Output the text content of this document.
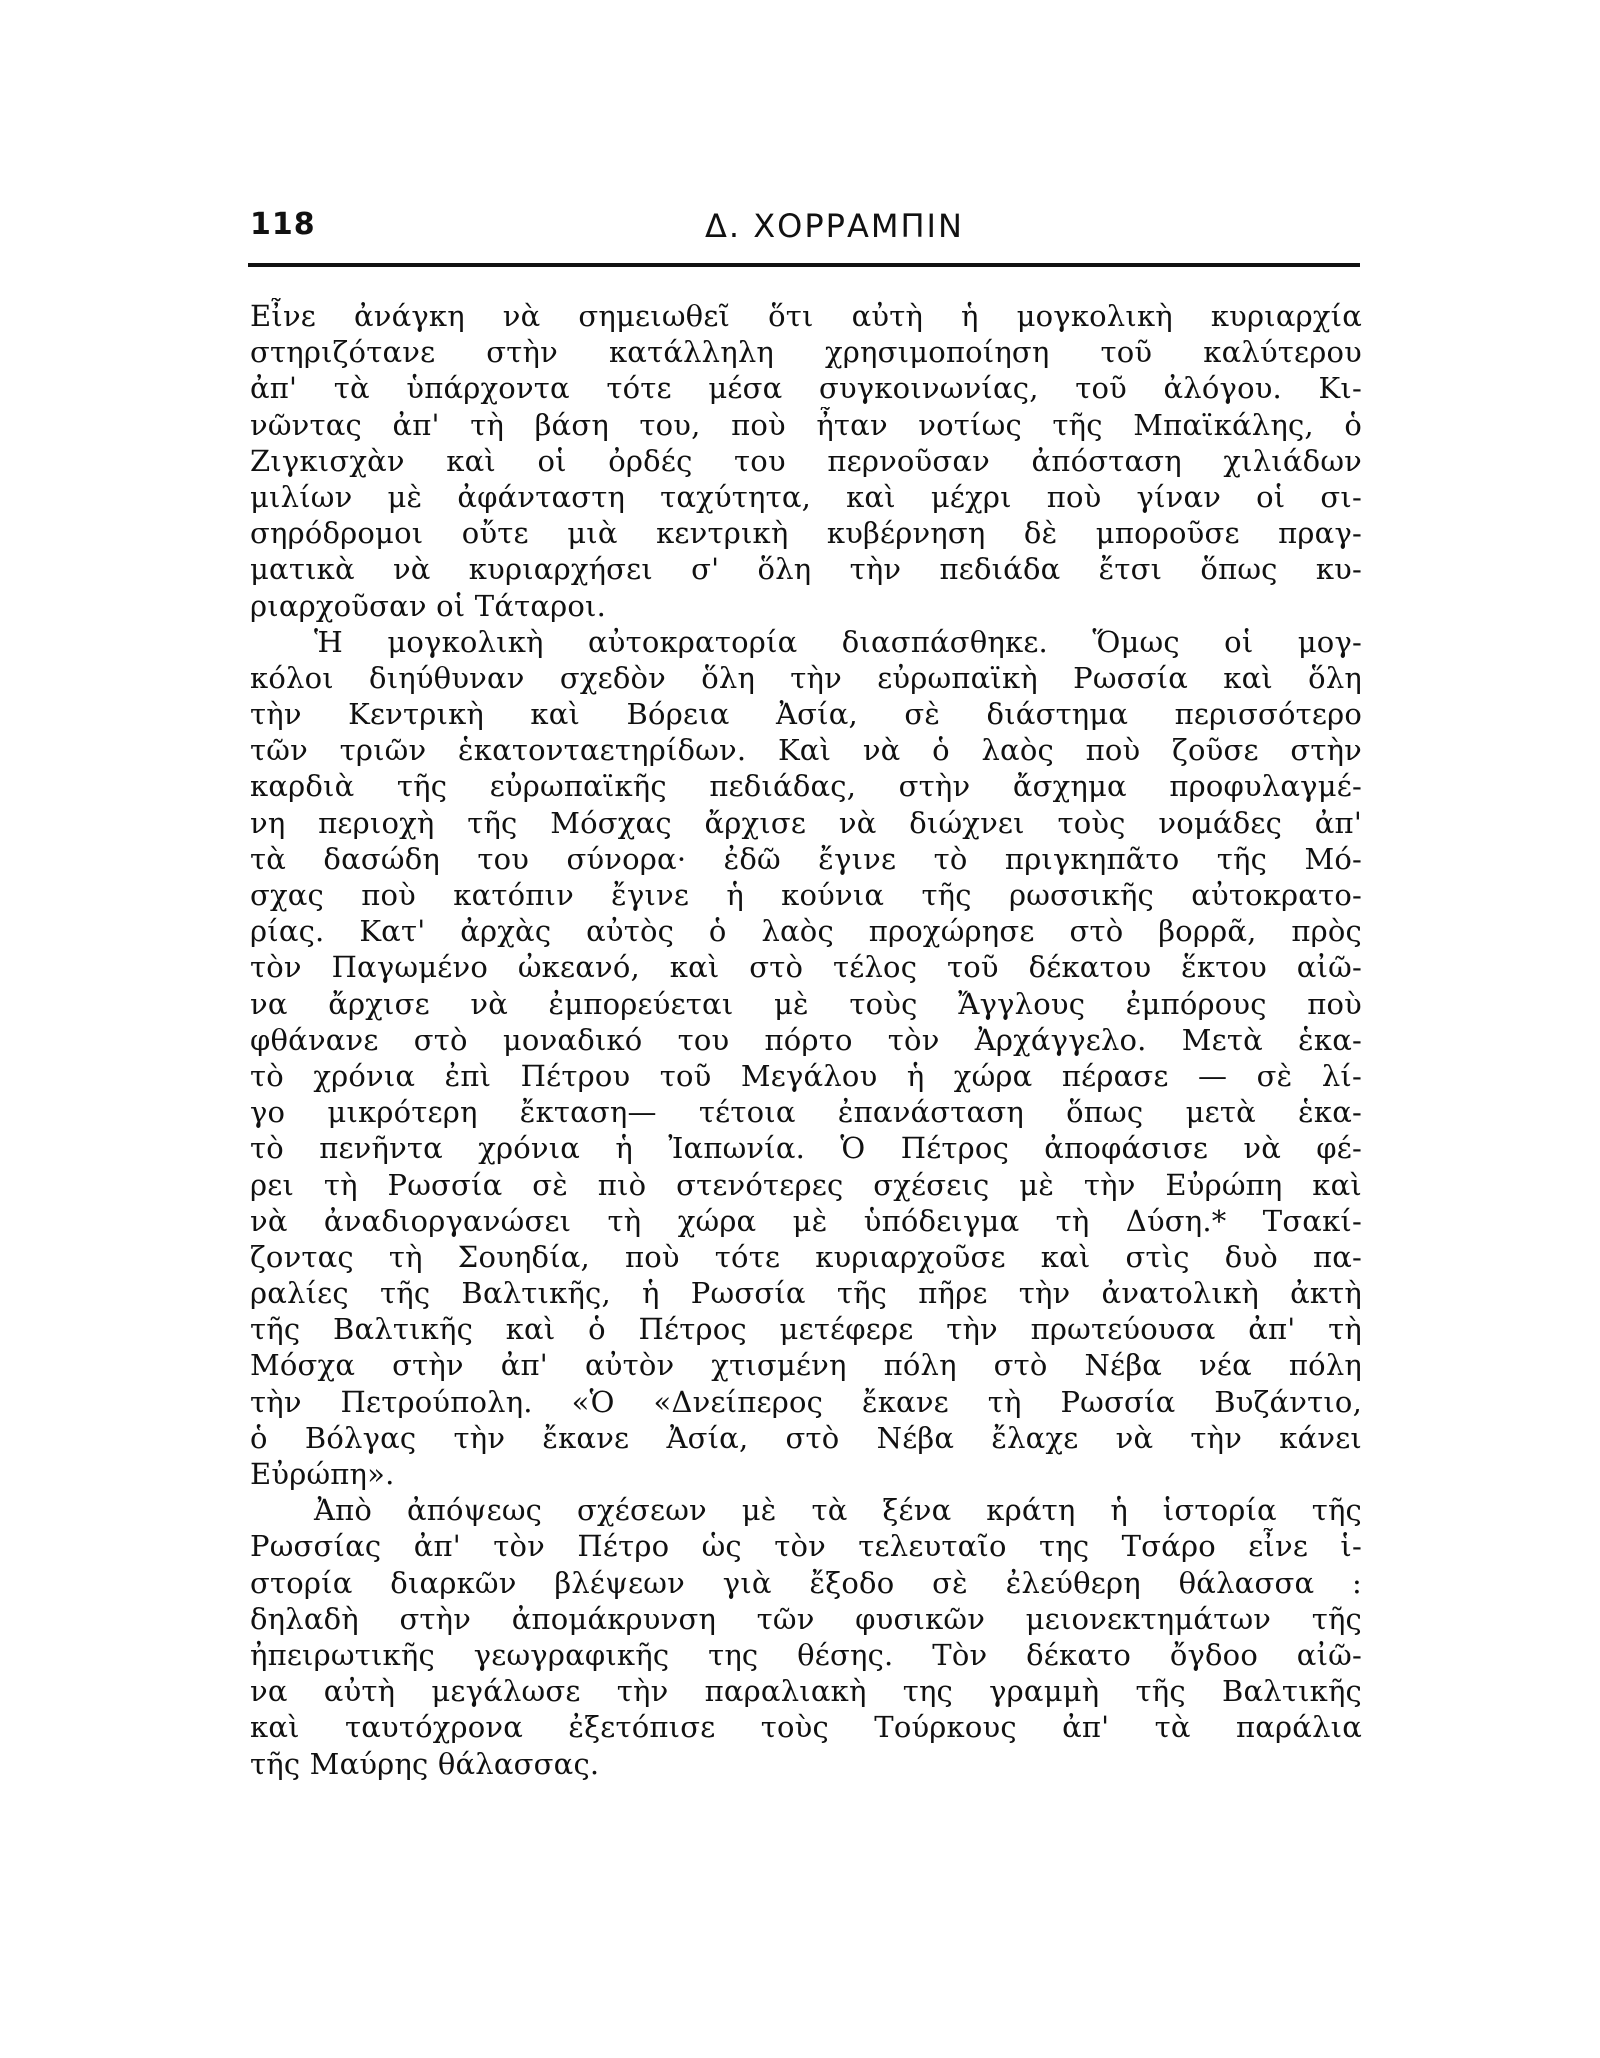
118	Δ. ΧΟΡΡΑΜΠΙΝ
Εἶνε ἀνάγκη νὰ σημειωθεῖ ὅτι αὐτὴ ἡ μογκολικὴ κυριαρχία
στηριζότανε στὴν κατάλληλη χρησιμοποίηση τοῦ καλύτερου
ἀπ' τὰ ὑπάρχοντα τότε μέσα συγκοινωνίας, τοῦ ἀλόγου. Κι-
νῶντας ἀπ' τὴ βάση του, ποὺ ἦταν νοτίως τῆς Μπαϊκάλης, ὁ
Ζιγκισχὰν καὶ οἱ ὀρδές του περνοῦσαν ἀπόσταση χιλιάδων
μιλίων μὲ ἀφάνταστη ταχύτητα, καὶ μέχρι ποὺ γίναν οἱ σι-
σηρόδρομοι οὔτε μιὰ κεντρικὴ κυβέρνηση δὲ μποροῦσε πραγ-
ματικὰ νὰ κυριαρχήσει σ' ὅλη τὴν πεδιάδα ἔτσι ὅπως κυ-
ριαρχοῦσαν οἱ Τάταροι.
Ἡ μογκολικὴ αὐτοκρατορία διασπάσθηκε. Ὅμως οἱ μογ-
κόλοι διηύθυναν σχεδὸν ὅλη τὴν εὐρωπαϊκὴ Ρωσσία καὶ ὅλη
τὴν Κεντρικὴ καὶ Βόρεια Ἀσία, σὲ διάστημα περισσότερο
τῶν τριῶν ἑκατονταετηρίδων. Καὶ νὰ ὁ λαὸς ποὺ ζοῦσε στὴν
καρδιὰ τῆς εὐρωπαϊκῆς πεδιάδας, στὴν ἄσχημα προφυλαγμέ-
νη περιοχὴ τῆς Μόσχας ἄρχισε νὰ διώχνει τοὺς νομάδες ἀπ'
τὰ δασώδη του σύνορα· ἐδῶ ἔγινε τὸ πριγκηπᾶτο τῆς Μό-
σχας ποὺ κατόπιν ἔγινε ἡ κούνια τῆς ρωσσικῆς αὐτοκρατο-
ρίας. Κατ' ἀρχὰς αὐτὸς ὁ λαὸς προχώρησε στὸ βορρᾶ, πρὸς
τὸν Παγωμένο ὠκεανό, καὶ στὸ τέλος τοῦ δέκατου ἕκτου αἰῶ-
να ἄρχισε νὰ ἐμπορεύεται μὲ τοὺς Ἄγγλους ἐμπόρους ποὺ
φθάνανε στὸ μοναδικό του πόρτο τὸν Ἀρχάγγελο. Μετὰ ἑκα-
τὸ χρόνια ἐπὶ Πέτρου τοῦ Μεγάλου ἡ χώρα πέρασε — σὲ λί-
γο μικρότερη ἔκταση— τέτοια ἐπανάσταση ὅπως μετὰ ἑκα-
τὸ πενῆντα χρόνια ἡ Ἰαπωνία. Ὁ Πέτρος ἀποφάσισε νὰ φέ-
ρει τὴ Ρωσσία σὲ πιὸ στενότερες σχέσεις μὲ τὴν Εὐρώπη καὶ
νὰ ἀναδιοργανώσει τὴ χώρα μὲ ὑπόδειγμα τὴ Δύση.* Τσακί-
ζοντας τὴ Σουηδία, ποὺ τότε κυριαρχοῦσε καὶ στὶς δυὸ πα-
ραλίες τῆς Βαλτικῆς, ἡ Ρωσσία τῆς πῆρε τὴν ἀνατολικὴ ἀκτὴ
τῆς Βαλτικῆς καὶ ὁ Πέτρος μετέφερε τὴν πρωτεύουσα ἀπ' τὴ
Μόσχα στὴν ἀπ' αὐτὸν χτισμένη πόλη στὸ Νέβα νέα πόλη
τὴν Πετρούπολη. «Ὁ «Δνείπερος ἔκανε τὴ Ρωσσία Βυζάντιο,
ὁ Βόλγας τὴν ἔκανε Ἀσία, στὸ Νέβα ἔλαχε νὰ τὴν κάνει
Εὐρώπη».
Ἀπὸ ἀπόψεως σχέσεων μὲ τὰ ξένα κράτη ἡ ἱστορία τῆς
Ρωσσίας ἀπ' τὸν Πέτρο ὡς τὸν τελευταῖο της Τσάρο εἶνε ἱ-
στορία διαρκῶν βλέψεων γιὰ ἔξοδο σὲ ἐλεύθερη θάλασσα :
δηλαδὴ στὴν ἀπομάκρυνση τῶν φυσικῶν μειονεκτημάτων τῆς
ἠπειρωτικῆς γεωγραφικῆς της θέσης. Τὸν δέκατο ὄγδοο αἰῶ-
να αὐτὴ μεγάλωσε τὴν παραλιακὴ της γραμμὴ τῆς Βαλτικῆς
καὶ ταυτόχρονα ἐξετόπισε τοὺς Τούρκους ἀπ' τὰ παράλια
τῆς Μαύρης θάλασσας.
